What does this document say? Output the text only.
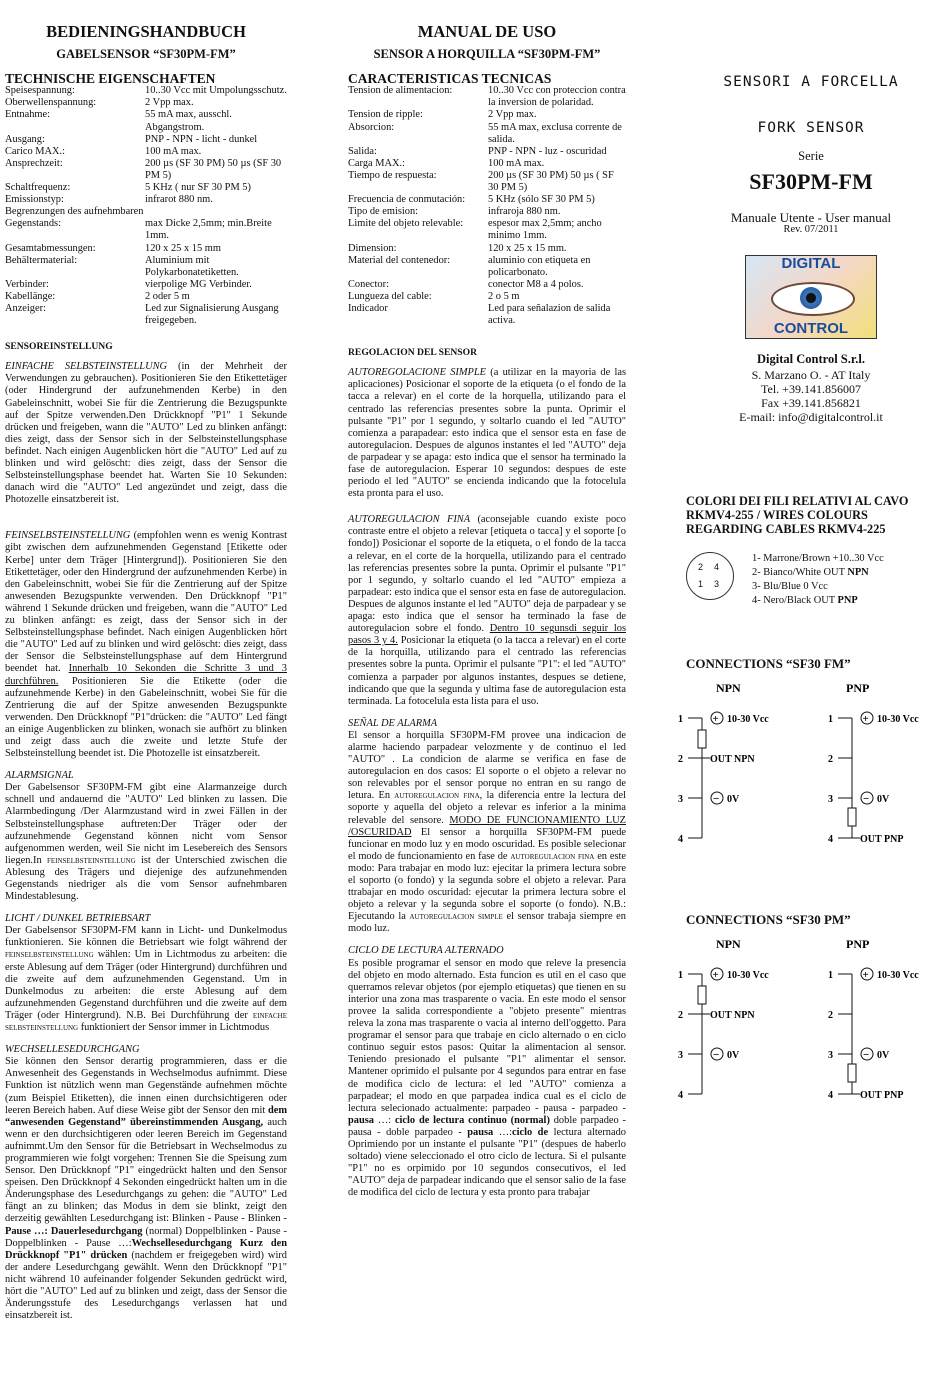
BEDIENINGSHANDBUCH
GABELSENSOR “SF30PM-FM”
TECHNISCHE EIGENSCHAFTEN
Speisespannung:	10..30 Vcc mit Umpolungsschutz.
Oberwellenspannung:	2 Vpp max.
Entnahme:	55 mA max, ausschl. Abgangstrom.
Ausgang:	PNP - NPN - licht - dunkel
Carico MAX.:	100 mA max.
Ansprechzeit:	200 µs (SF 30 PM) 50 µs (SF 30 PM 5)
Schaltfrequenz:	5 KHz ( nur SF 30 PM 5)
Emissionstyp:	infrarot 880 nm.
Begrenzungen des aufnehmbaren
Gegenstands:	max Dicke 2,5mm; min.Breite 1mm.
Gesamtabmessungen:	120 x 25 x 15 mm
Behältermaterial:	Aluminium mit Polykarbonatetiketten.
Verbinder:	vierpolige MG Verbinder.
Kabellänge:	2 oder 5 m
Anzeiger:	Led zur Signalisierung Ausgang freigegeben.
SENSOREINSTELLUNG

EINFACHE SELBSTEINSTELLUNG (in der Mehrheit der Verwendungen zu gebrauchen). Positionieren Sie den Etikettetäger (oder Hindergrund der aufzunehmenden Kerbe) in den Gabeleinschnitt, wobei Sie für die Zentrierung die Bezugspunkte auf der Spitze verwenden.Den Drückknopf "P1" 1 Sekunde drücken und freigeben, wann die "AUTO" Led zu blinken anfängt: dies zeigt, dass der Sensor sich in der Selbsteinstellungsphase befindet. Nach einigen Augenblicken hört die "AUTO" Led auf zu blinken und wird gelöscht: dies zeigt, dass der Sensor die Selbsteinstellungsphase beendet hat. Warten Sie 10 Sekunden: danach wird die "AUTO" Led angezündet und zeigt, dass die Photozelle einsatzbereit ist.

FEINSELBSTEINSTELLUNG (empfohlen wenn es wenig Kontrast gibt zwischen dem aufzunehmenden Gegenstand [Etikette oder Kerbe] unter dem Träger [Hintergrund]). Positionieren Sie den Etikettetäger, oder den Hindergrund der aufzunehmenden Kerbe) in den Gabeleinschnitt, wobei Sie für die Zentrierung auf der Spitze anwesenden Bezugspunkte verwenden. Den Drückknopf "P1" während 1 Sekunde drücken und freigeben, wann die "AUTO" Led zu blinken anfängt: es zeigt, dass der Sensor sich in der Selbsteinstellungsphase befindet. Nach einigen Augenblicken hört die "AUTO" Led auf zu blinken und wird gelöscht: dies zeigt, dass der Sensor die Selbsteinstellungsphase auf dem Hintergrund beendet hat. Innerhalb 10 Sekonden die Schritte 3 und 3 durchführen. Positionieren Sie die Etikette (oder die aufzunehmende Kerbe) in den Gabeleinschnitt, wobei Sie für die Zentrierung die auf der Spitze anwesenden Bezugspunkte verwenden. Den Drückknopf "P1"drücken: die "AUTO" Led fängt an einige Augenblicken zu blinken, wonach sie aufhört zu blinken und zeigt dass auch die zweite und letzte Stufe der Selbsteinstellung beendet ist. Die Photozelle ist einsatzbereit.

ALARMSIGNAL
Der Gabelsensor SF30PM-FM gibt eine Alarmanzeige durch schnell und andauernd die "AUTO" Led blinken zu lassen. Die Alarmbedingung /Der Alarmzustand wird in zwei Fällen in der Selbsteinstellungsphase auftreten:Der Träger oder der aufzunehmende Gegenstand können nicht vom Sensor aufgenommen werden, weil Sie nicht im Lesebereich des Sensors liegen.In feinselbsteinstellung ist der Unterschied zwischen die Ablesung des Trägers und diejenige des aufzunehmenden Gegenstands niedriger als die vom Sensor aufnehmbaren Mindestablesung.

LICHT / DUNKEL BETRIEBSART
Der Gabelsensor SF30PM-FM kann in Licht- und Dunkelmodus funktionieren. Sie können die Betriebsart wie folgt während der feinselbsteinstellung wählen: Um in Lichtmodus zu arbeiten: die erste Ablesung auf dem Träger (oder Hintergrund) durchführen und die zweite auf dem aufzunehmenden Gegenstand. Um in Dunkelmodus zu arbeiten: die erste Ablesung auf dem aufzunehmenden Gegenstand durchführen und die zweite auf dem Träger (oder Hintergrund). N.B. Bei Durchführung der einfache selbsteinstellung funktioniert der Sensor immer in Lichtmodus

WECHSELLESEDURCHGANG
Sie können den Sensor derartig programmieren, dass er die Anwesenheit des Gegenstands in Wechselmodus aufnimmt. Diese Funktion ist nützlich wenn man Gegenstände aufnehmen möchte (zum Beispiel Etiketten), die innen einen durchsichtigeren oder leeren Bereich haben. Auf diese Weise gibt der Sensor den mit dem “anwesenden Gegenstand” übereinstimmenden Ausgang, auch wenn er den durchsichtigeren oder leeren Bereich im Gegenstand aufnimmt.Um den Sensor für die Betriebsart in Wechselmodus zu programmieren wie folgt vorgehen: Trennen Sie die Speisung zum Sensor. Den Drückknopf "P1" eingedrückt halten und den Sensor speisen. Den Drückknopf 4 Sekonden eingedrückt halten um in die Änderungsphase des Lesedurchgangs zu gehen: die "AUTO" Led fängt an zu blinken; das Modus in dem sie blinkt, zeigt den derzeitig gewählten Lesedurchgang ist: Blinken - Pause - Blinken - Pause …: Dauerlesedurchgang (normal) Doppelblinken - Pause - Doppelblinken - Pause …:Wechsellesedurchgang Kurz den Drückknopf "P1" drücken (nachdem er freigegeben wird) wird der andere Lesedurchgang gewählt. Wenn den Drückknopf "P1" nicht während 10 aufeinander folgender Sekunden gedrückt wird, hört die "AUTO" Led auf zu blinken und zeigt, dass der Sensor die Änderungsstufe des Lesedurchgangs verlassen hat und einsatzbereit ist.

MANUAL DE USO
SENSOR A HORQUILLA “SF30PM-FM”
CARACTERISTICAS TECNICAS
Tension de alimentacion:	10..30 Vcc con proteccion contra la inversion de polaridad.
Tension de ripple:	2 Vpp max.
Absorcion:	55 mA max, exclusa corrente de salida.
Salida:	PNP - NPN - luz - oscuridad
Carga MAX.:	100 mA max.
Tiempo de respuesta:	200 µs (SF 30 PM) 50 µs ( SF 30 PM 5)
Frecuencia de conmutación:	5 KHz (sólo SF 30 PM 5)
Tipo de emision:	infraroja 880 nm.
Limite del objeto relevable:	espesor max 2,5mm; ancho minimo 1mm.
Dimension:	120 x 25 x 15 mm.
Material del contenedor:	aluminio con etiqueta en policarbonato.
Conector:	conector M8 a 4 polos.
Lungueza del cable:	2 o 5 m
Indicador	Led para señalazion de salida activa.
REGOLACION DEL SENSOR

AUTOREGOLACIONE SIMPLE (a utilizar en la mayoria de las aplicaciones) Posicionar el soporte de la etiqueta (o el fondo de la tacca a relevar) en el corte de la horquella, utilizando para el centrado las referencias presentes sobre la punta. Oprimir el pulsante "P1" por 1 segundo, y soltarlo cuando el led "AUTO" comienza a parapadear: esto indica que el sensor esta en fase de autoregulacion. Despues de algunos instantes el led "AUTO" deja de parpadear y se apaga: esto indica que el sensor ha terminado la fase de autoregulacion. Esperar 10 segundos: despues de este periodo el led "AUTO" se encienda indicando que la fotocelula esta pronta para el uso.

AUTOREGULACION FINA (aconsejable cuando existe poco contraste entre el objeto a relevar [etiqueta o tacca] y el soporte [o fondo]) Posicionar el soporte de la etiqueta, o el fondo de la tacca a relevar, en el corte de la horquella, utilizando para el centrado las referencias presentes sobre la punta. Oprimir el pulsante "P1" por 1 segundo, y soltarlo cuando el led "AUTO" empieza a parpadear: esto indica que el sensor esta en fase de autoregulacion. Despues de algunos instante el led "AUTO" deja de parpadear y se apaga: esto indica que el sensor ha terminado la fase de autoregulacion sobre el fondo. Dentro 10 segunsdi seguir los pasos 3 y 4. Posicionar la etiqueta (o la tacca a relevar) en el corte de la horquilla, utilizando para el centrado las referencias presentes sobre la punta. Oprimir el pulsante "P1": el led "AUTO" comienza a parpader por algunos instantes, despues se detiene, indicando que que la segunda y ultima fase de autoregulacion esta terminada. La fotocelula esta lista para el uso.

SEÑAL DE ALARMA
El sensor a horquilla SF30PM-FM provee una indicacion de alarme haciendo parpadear velozmente y de continuo el led "AUTO" . La condicion de alarme se verifica en fase de autoregulacion en dos casos: El soporte o el objeto a relevar no son relevables por el sensor porque no entran en su rango de letura. En autoregulacion fina, la diferencia entre la lectura del soporte y aquella del objeto a relevar es inferior a la minima relevable del sensore. MODO DE FUNCIONAMIENTO LUZ /OSCURIDAD El sensor a horquilla SF30PM-FM puede funcionar en modo luz y en modo oscuridad. Es posible selecionar el modo de funcionamiento en fase de autoregulacion fina en este modo: Para trabajar en modo luz: ejecitar la primera lectura sobre el soporto (o fondo) y la segunda sobre el objeto a relevar. Para ttrabajar en modo oscuridad: ejecutar la primera lectura sobre el objeto a relevar y la segunda sobre el soporte (o fondo). N.B.: Ejecutando la autoregulacion simple el sensor trabaja siempre en modo luz.

CICLO DE LECTURA ALTERNADO
Es posible programar el sensor en modo que releve la presencia del objeto en modo alternado. Esta funcion es util en el caso que querramos relevar objetos (por ejemplo etiquetas) que tienen en su interior una zona mas trasparente o vacia. En este modo el sensor provee la salida correspondiente a "objeto presente" mientras releva la zona mas trasparente o vacia al interno dell'oggetto. Para programar el sensor para que trabaje en ciclo alternado o en ciclo continuo seguir estos pasos: Quitar la alimentacion al sensor. Teniendo presionado el pulsante "P1" alimentar el sensor. Mantener oprimido el pulsante por 4 segundos para entrar en fase de modifica ciclo de lectura: el led "AUTO" comienza a parpadear; el modo en que parpadea indica cual es el ciclo de lectura selecionado actualmente: parpadeo - pausa - parpadeo - pausa …: ciclo de lectura continuo (normal) doble parpadeo - pausa - doble parpadeo - pausa …:ciclo de lectura alternado Oprimiendo por un instante el pulsante "P1" (despues de haberlo soltado) viene seleccionado el otro ciclo de lectura. Si el pulsante "P1" no es orpimido por 10 segundos consecutivos, el led "AUTO" deja de parpadear indicando que el sensor salio de la fase de modifica del ciclo de lectura y esta pronto para trabajar

SENSORI A FORCELLA
FORK SENSOR
Serie
SF30PM-FM
Manuale Utente - User manual
Rev. 07/2011
DIGITAL
CONTROL
Digital Control S.r.l.
S. Marzano O. - AT Italy
Tel. +39.141.856007
Fax +39.141.856821
E-mail: info@digitalcontrol.it
COLORI DEI FILI RELATIVI AL CAVO
RKMV4-255 / WIRES COLOURS
REGARDING CABLES RKMV4-225
2 4
1 3
1- Marrone/Brown +10..30 Vcc
2- Bianco/White OUT NPN
3- Blu/Blue 0 Vcc
4- Nero/Black OUT PNP
CONNECTIONS “SF30 FM”
NPN	PNP
1
2
3
4
+ 10-30 Vcc
− 0V
OUT NPN
1
2
3
4
+ 10-30 Vcc
− 0V
OUT PNP
CONNECTIONS “SF30 PM”
NPN	PNP
1
2
3
4
+ 10-30 Vcc
− 0V
OUT NPN
1
2
3
4
+ 10-30 Vcc
− 0V
OUT PNP
